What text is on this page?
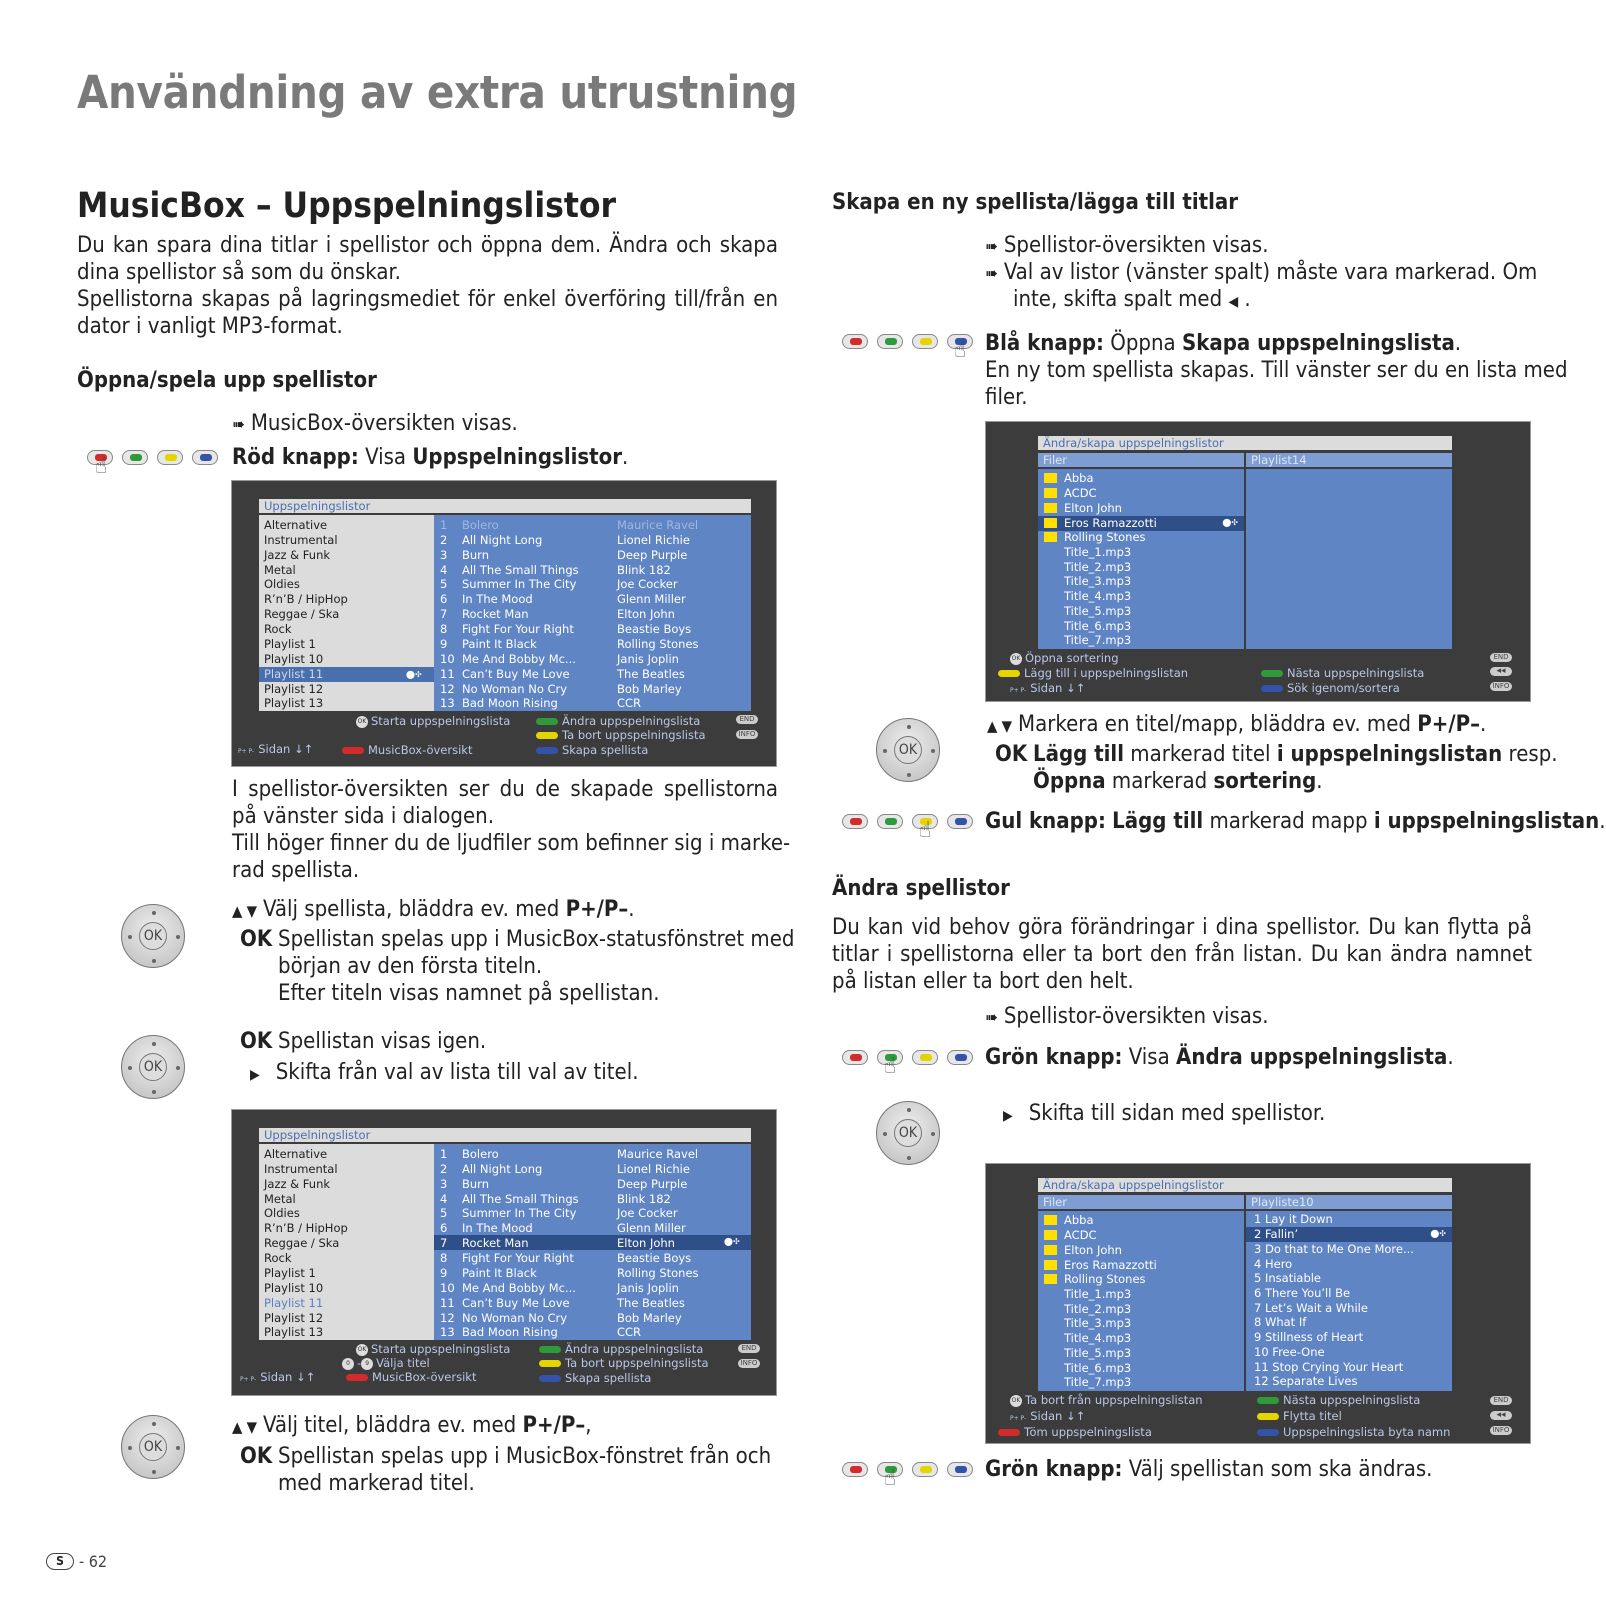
Användning av extra utrustning
MusicBox – Uppspelningslistor
Du kan spara dina titlar i spellistor och öppna dem. Ändra och skapa dina spellistor så som du önskar.
Spellistorna skapas på lagringsmediet för enkel överföring till/från en dator i vanligt MP3-format.
Öppna/spela upp spellistor
➠ MusicBox-översikten visas.
☝	Röd knapp: Visa Uppspelningslistor.
Uppspelningslistor
Alternative
Instrumental
Jazz & Funk
Metal
Oldies
R’n’B / HipHop
Reggae / Ska
Rock
Playlist 1
Playlist 10
Playlist 11
Playlist 12
Playlist 13
⬤✣
1 Bolero	Maurice Ravel
2 All Night Long	Lionel Richie
3 Burn	Deep Purple
4 All The Small Things	Blink 182
5 Summer In The City	Joe Cocker
6 In The Mood	Glenn Miller
7 Rocket Man	Elton John
8 Fight For Your Right	Beastie Boys
9 Paint It Black	Rolling Stones
10 Me And Bobby Mc...	Janis Joplin
11 Can’t Buy Me Love	The Beatles
12 No Woman No Cry	Bob Marley
13 Bad Moon Rising	CCR
OK Starta uppspelningslista	Ändra uppspelningslista
Ta bort uppspelningslista
P+ P- Sidan ↓↑	MusicBox-översikt	Skapa spellista
END
INFO
I spellistor-översikten ser du de skapade spellistorna på vänster sida i dialogen.
Till höger finner du de ljudfiler som befinner sig i marke-
rad spellista.
OK
▲ ▼ Välj spellista, bläddra ev. med P+/P–.
OK Spellistan spelas upp i MusicBox-statusfönstret med
början av den första titeln.
Efter titeln visas namnet på spellistan.
OK
OK Spellistan visas igen.
▶ Skifta från val av lista till val av titel.
Uppspelningslistor
Alternative
Instrumental
Jazz & Funk
Metal
Oldies
R’n’B / HipHop
Reggae / Ska
Rock
Playlist 1
Playlist 10
Playlist 11
Playlist 12
Playlist 13
1 Bolero	Maurice Ravel
2 All Night Long	Lionel Richie
3 Burn	Deep Purple
4 All The Small Things	Blink 182
5 Summer In The City	Joe Cocker
6 In The Mood	Glenn Miller
7 Rocket Man	Elton John
8 Fight For Your Right	Beastie Boys
9 Paint It Black	Rolling Stones
10 Me And Bobby Mc...	Janis Joplin
11 Can’t Buy Me Love	The Beatles
12 No Woman No Cry	Bob Marley
13 Bad Moon Rising	CCR
⬤✣
OK Starta uppspelningslista
0 - 9 Välja titel
Ändra uppspelningslista
Ta bort uppspelningslista
P+ P- Sidan ↓↑	MusicBox-översikt	Skapa spellista
END
INFO
OK
▲ ▼ Välj titel, bläddra ev. med P+/P–,
OK Spellistan spelas upp i MusicBox-fönstret från och
med markerad titel.
Skapa en ny spellista/lägga till titlar
➠ Spellistor-översikten visas.
➠ Val av listor (vänster spalt) måste vara markerad. Om
inte, skifta spalt med ◀ .
☝ Blå knapp: Öppna Skapa uppspelningslista.
En ny tom spellista skapas. Till vänster ser du en lista med
filer.
Ändra/skapa uppspelningslistor
Filer	Playlist14
Abba
ACDC
Elton John
Eros Ramazzotti	⬤✣
Rolling Stones
Title_1.mp3
Title_2.mp3
Title_3.mp3
Title_4.mp3
Title_5.mp3
Title_6.mp3
Title_7.mp3
OK Öppna sortering
Lägg till i uppspelningslistan	Nästa uppspelningslista
P+ P- Sidan ↓↑	Sök igenom/sortera
END
◂◂
INFO
OK
▲ ▼ Markera en titel/mapp, bläddra ev. med P+/P–.
OK Lägg till markerad titel i uppspelningslistan resp.
Öppna markerad sortering.
☝ Gul knapp: Lägg till markerad mapp i uppspelningslistan.
Ändra spellistor
Du kan vid behov göra förändringar i dina spellistor. Du kan flytta på titlar i spellistorna eller ta bort den från listan. Du kan ändra namnet på listan eller ta bort den helt.
➠ Spellistor-översikten visas.
☝	Grön knapp: Visa Ändra uppspelningslista.
OK
▶ Skifta till sidan med spellistor.
Ändra/skapa uppspelningslistor
Filer	Playliste10
Abba
ACDC
Elton John
Eros Ramazzotti
Rolling Stones
Title_1.mp3
Title_2.mp3
Title_3.mp3
Title_4.mp3
Title_5.mp3
Title_6.mp3
Title_7.mp3
1 Lay it Down
2 Fallin’	⬤✣
3 Do that to Me One More...
4 Hero
5 Insatiable
6 There You’ll Be
7 Let’s Wait a While
8 What If
9 Stillness of Heart
10 Free-One
11 Stop Crying Your Heart
12 Separate Lives
OK Ta bort från uppspelningslistan
P+ P- Sidan ↓↑
Töm uppspelningslista
Nästa uppspelningslista
Flytta titel
Uppspelningslista byta namn
END
◂◂
INFO
☝	Grön knapp: Välj spellistan som ska ändras.
S - 62
